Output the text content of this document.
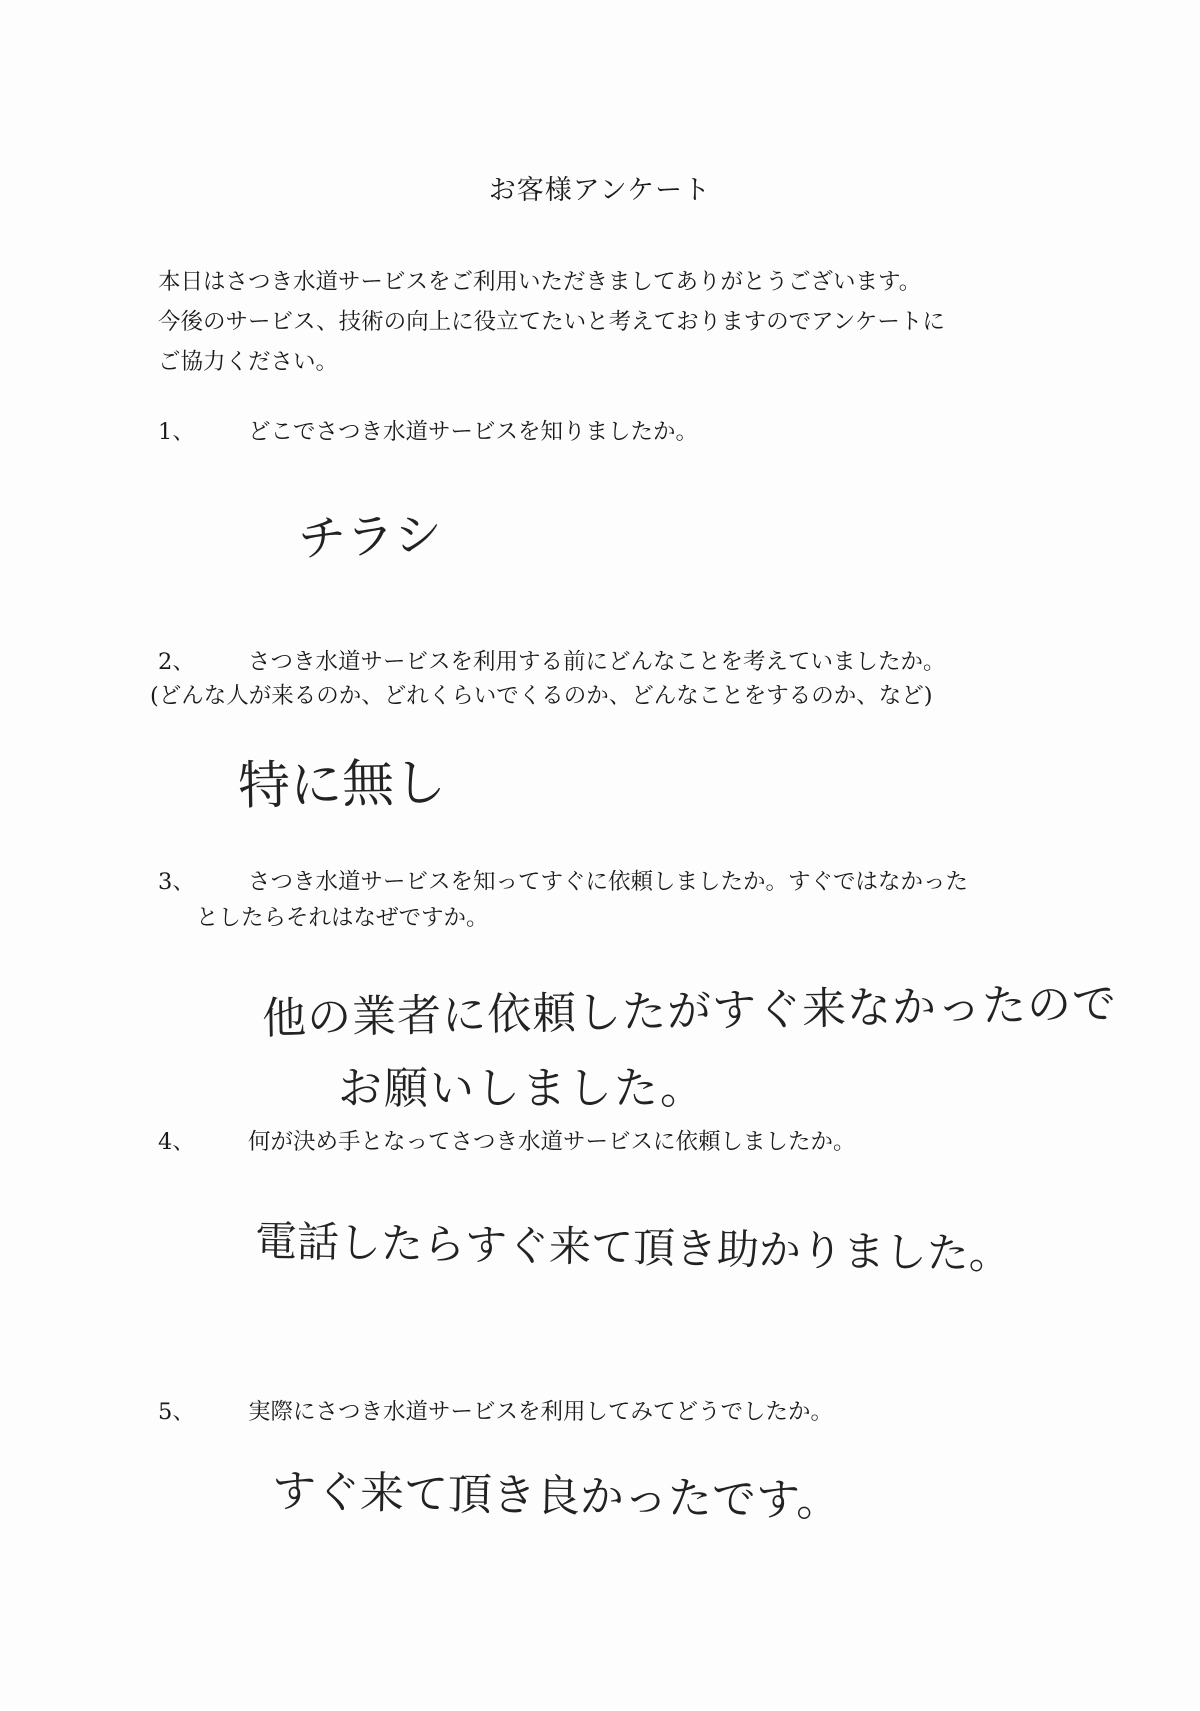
お客様アンケート
本日はさつき水道サービスをご利用いただきましてありがとうございます。
今後のサービス、技術の向上に役立てたいと考えておりますのでアンケートに
ご協力ください。
1、 どこでさつき水道サービスを知りましたか。
チラシ
2、 さつき水道サービスを利用する前にどんなことを考えていましたか。
(どんな人が来るのか、どれくらいでくるのか、どんなことをするのか、など)
特に無し
3、 さつき水道サービスを知ってすぐに依頼しましたか。すぐではなかった
としたらそれはなぜですか。
他の業者に依頼したがすぐ来なかったので
お願いしました。
4、 何が決め手となってさつき水道サービスに依頼しましたか。
電話したらすぐ来て頂き助かりました。
5、 実際にさつき水道サービスを利用してみてどうでしたか。
すぐ来て頂き良かったです。
